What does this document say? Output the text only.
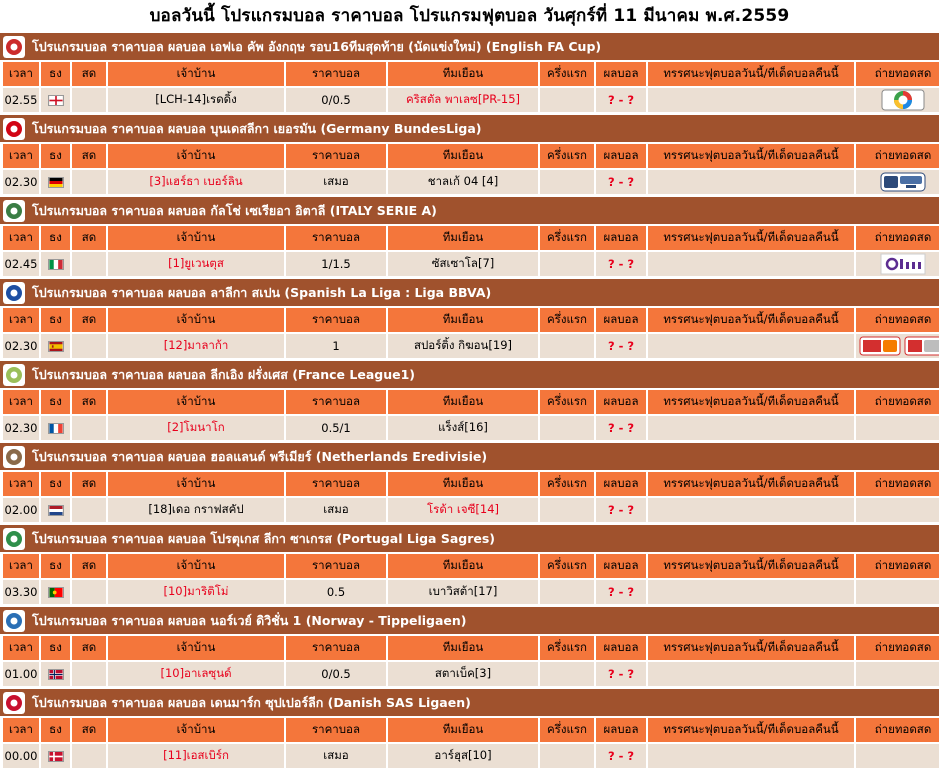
บอลวันนี้ โปรแกรมบอล ราคาบอล โปรแกรมฟุตบอล วันศุกร์ที่ 11 มีนาคม พ.ศ.2559
โปรแกรมบอล ราคาบอล ผลบอล เอฟเอ คัพ อังกฤษ รอบ16ทีมสุดท้าย (นัดแข่งใหม่) (English FA Cup)
เวลา	ธง	สด	เจ้าบ้าน	ราคาบอล	ทีมเยือน	ครึ่งแรก	ผลบอล	ทรรศนะฟุตบอลวันนี้/ทีเด็ดบอลคืนนี้	ถ่ายทอดสด
02.55			[LCH-14]เรดดิ้ง	0/0.5	คริสตัล พาเลซ[PR-15]		? - ?		
โปรแกรมบอล ราคาบอล ผลบอล บุนเดสลีกา เยอรมัน (Germany BundesLiga)
เวลา	ธง	สด	เจ้าบ้าน	ราคาบอล	ทีมเยือน	ครึ่งแรก	ผลบอล	ทรรศนะฟุตบอลวันนี้/ทีเด็ดบอลคืนนี้	ถ่ายทอดสด
02.30			[3]แฮร์ธา เบอร์ลิน	เสมอ	ชาลเก้ 04 [4]		? - ?		
โปรแกรมบอล ราคาบอล ผลบอล กัลโช่ เซเรียอา อิตาลี (ITALY SERIE A)
เวลา	ธง	สด	เจ้าบ้าน	ราคาบอล	ทีมเยือน	ครึ่งแรก	ผลบอล	ทรรศนะฟุตบอลวันนี้/ทีเด็ดบอลคืนนี้	ถ่ายทอดสด
02.45			[1]ยูเวนตุส	1/1.5	ซัสเซาโล[7]		? - ?		
โปรแกรมบอล ราคาบอล ผลบอล ลาลีกา สเปน (Spanish La Liga : Liga BBVA)
เวลา	ธง	สด	เจ้าบ้าน	ราคาบอล	ทีมเยือน	ครึ่งแรก	ผลบอล	ทรรศนะฟุตบอลวันนี้/ทีเด็ดบอลคืนนี้	ถ่ายทอดสด
02.30			[12]มาลาก้า	1	สปอร์ติ้ง กิฆอน[19]		? - ?		
โปรแกรมบอล ราคาบอล ผลบอล ลีกเอิง ฝรั่งเศส (France League1)
เวลา	ธง	สด	เจ้าบ้าน	ราคาบอล	ทีมเยือน	ครึ่งแรก	ผลบอล	ทรรศนะฟุตบอลวันนี้/ทีเด็ดบอลคืนนี้	ถ่ายทอดสด
02.30			[2]โมนาโก	0.5/1	แร็งส์[16]		? - ?		
โปรแกรมบอล ราคาบอล ผลบอล ฮอลแลนด์ พรีเมียร์ (Netherlands Eredivisie)
เวลา	ธง	สด	เจ้าบ้าน	ราคาบอล	ทีมเยือน	ครึ่งแรก	ผลบอล	ทรรศนะฟุตบอลวันนี้/ทีเด็ดบอลคืนนี้	ถ่ายทอดสด
02.00			[18]เดอ กราฟสคัป	เสมอ	โรด้า เจซี[14]		? - ?		
โปรแกรมบอล ราคาบอล ผลบอล โปรตุเกส ลีกา ซาเกรส (Portugal Liga Sagres)
เวลา	ธง	สด	เจ้าบ้าน	ราคาบอล	ทีมเยือน	ครึ่งแรก	ผลบอล	ทรรศนะฟุตบอลวันนี้/ทีเด็ดบอลคืนนี้	ถ่ายทอดสด
03.30			[10]มาริติโม่	0.5	เบาวิสต้า[17]		? - ?		
โปรแกรมบอล ราคาบอล ผลบอล นอร์เวย์ ดิวิชั่น 1 (Norway - Tippeligaen)
เวลา	ธง	สด	เจ้าบ้าน	ราคาบอล	ทีมเยือน	ครึ่งแรก	ผลบอล	ทรรศนะฟุตบอลวันนี้/ทีเด็ดบอลคืนนี้	ถ่ายทอดสด
01.00			[10]อาเลซุนด์	0/0.5	สตาเบ็ค[3]		? - ?		
โปรแกรมบอล ราคาบอล ผลบอล เดนมาร์ก ซุปเปอร์ลีก (Danish SAS Ligaen)
เวลา	ธง	สด	เจ้าบ้าน	ราคาบอล	ทีมเยือน	ครึ่งแรก	ผลบอล	ทรรศนะฟุตบอลวันนี้/ทีเด็ดบอลคืนนี้	ถ่ายทอดสด
00.00			[11]เอสเบิร์ก	เสมอ	อาร์ฮุส[10]		? - ?		
